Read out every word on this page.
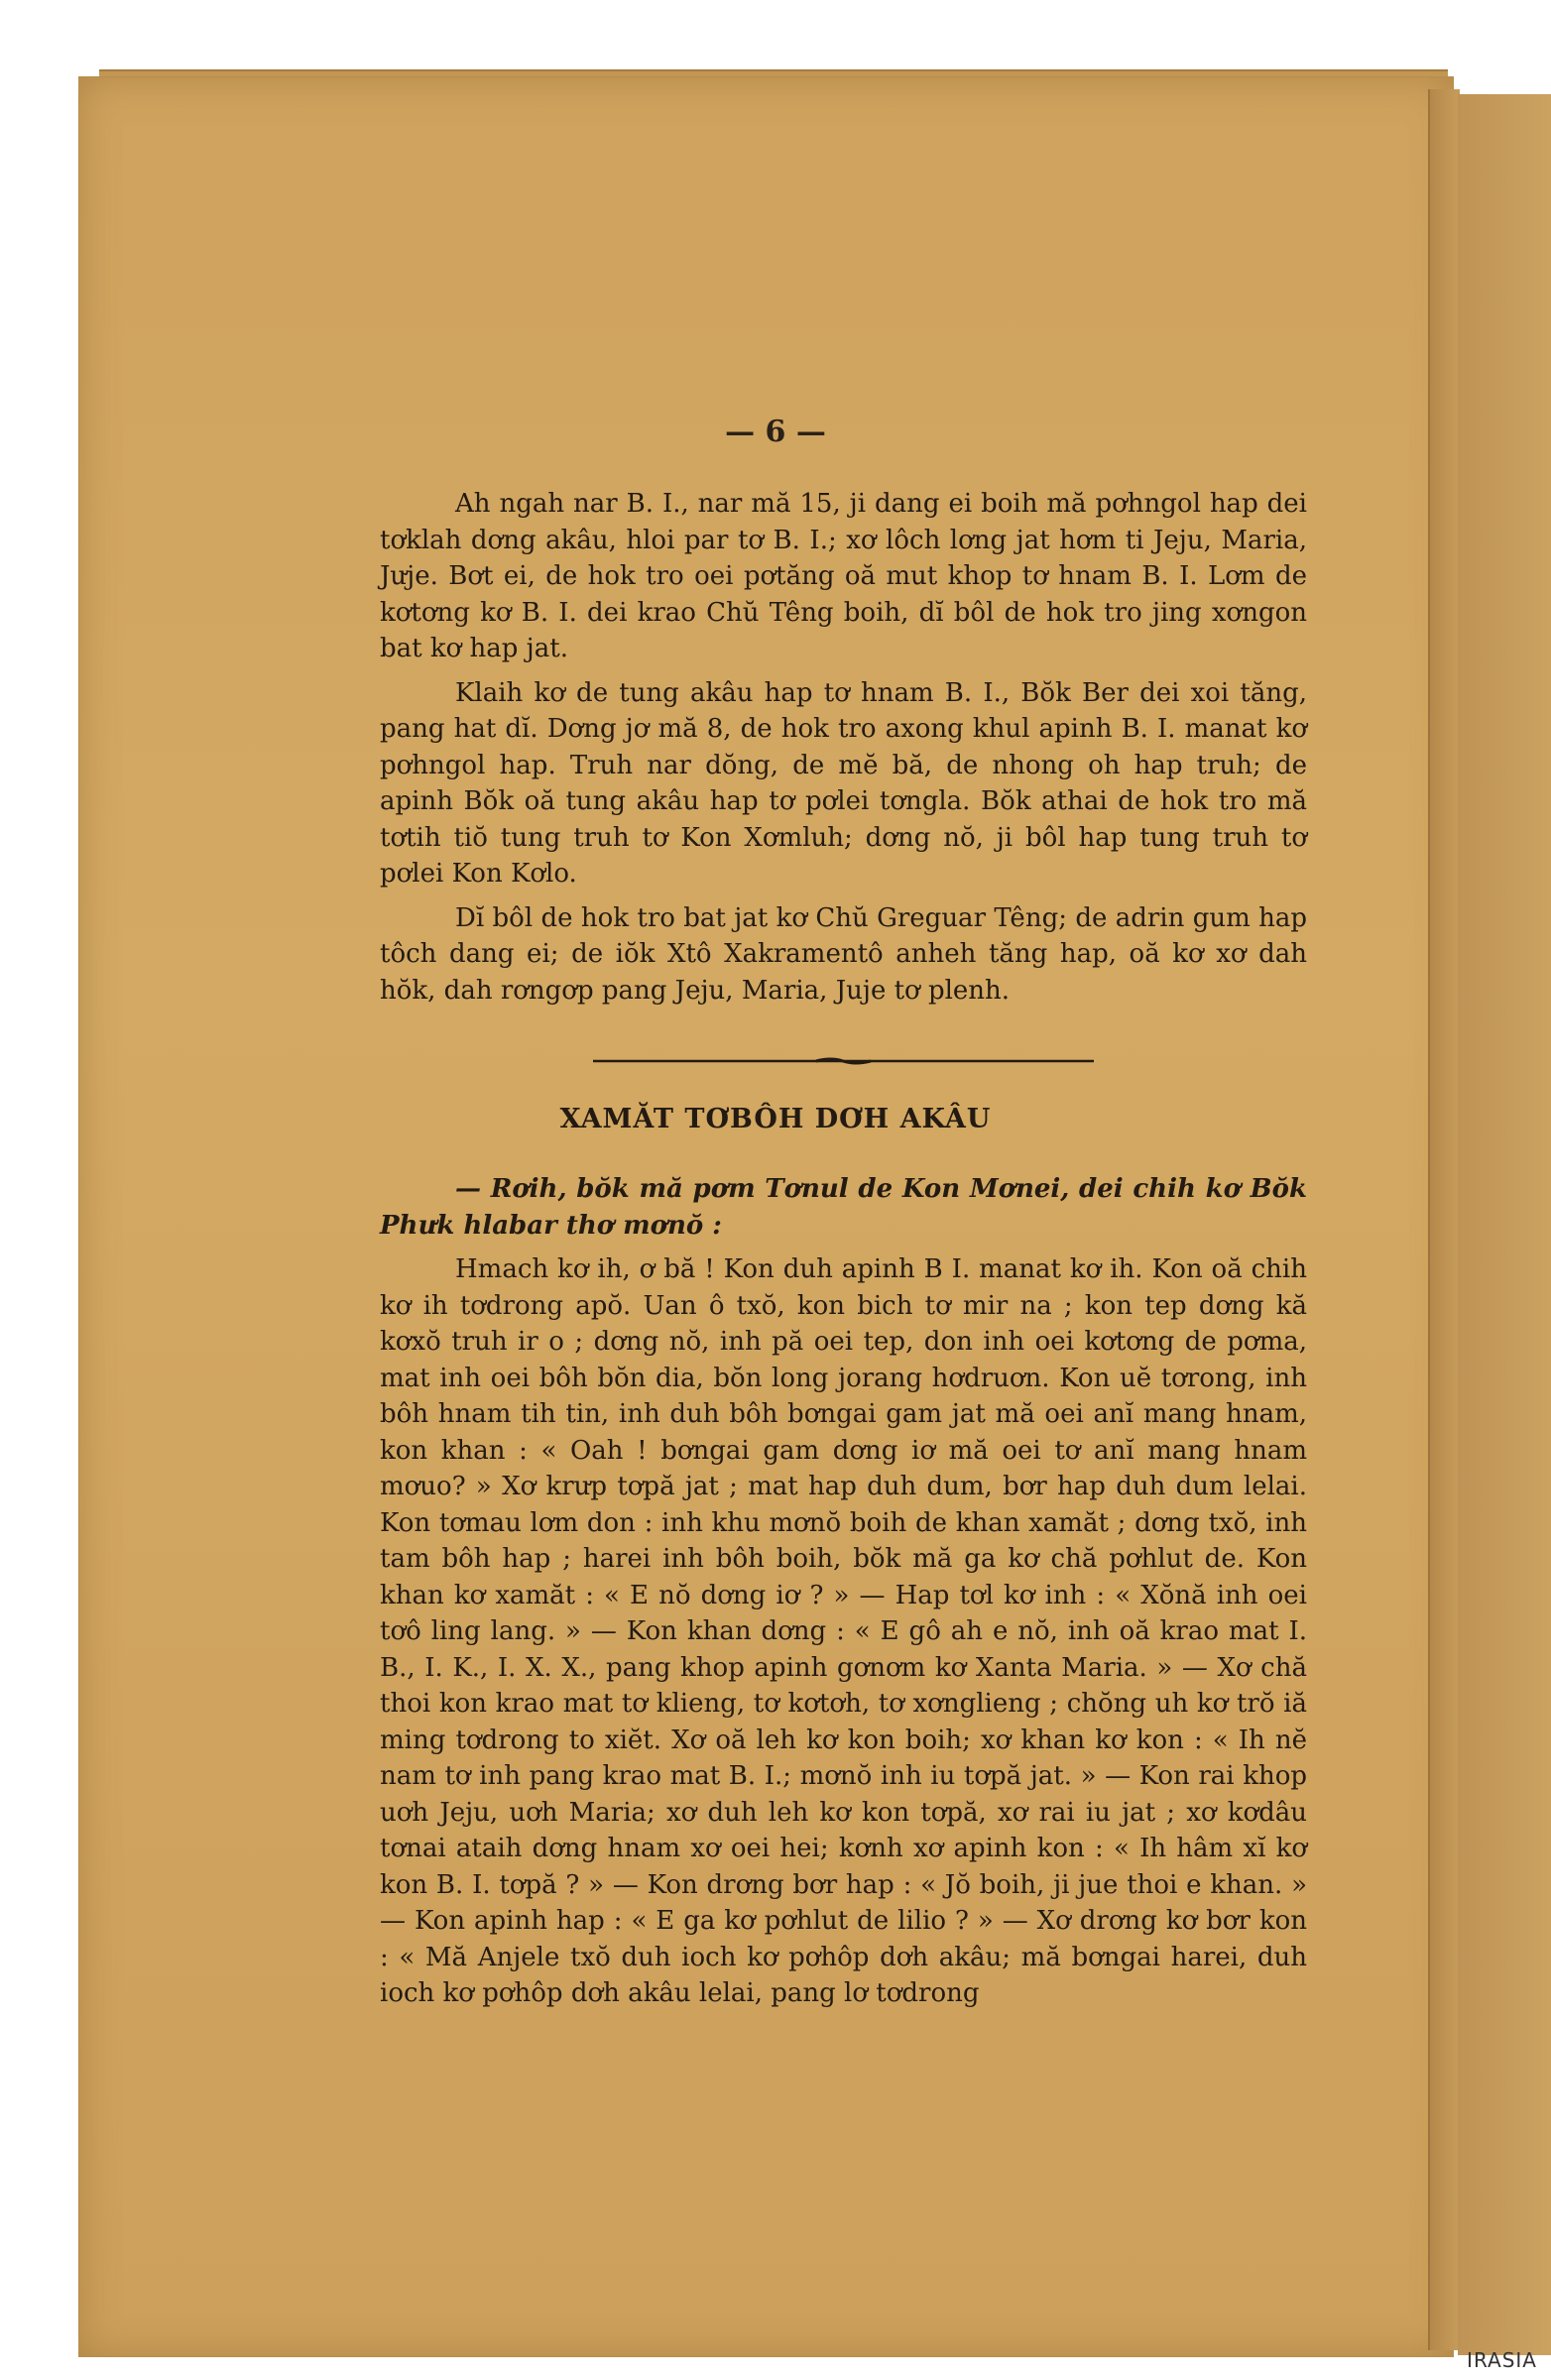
— 6 —

Ah ngah nar B. I., nar mă 15, ji dang ei boih mă pơhngol hap dei tơklah dơng akâu, hloi par tơ B. I.; xơ lôch lơng jat hơm ti Jeju, Maria, Jưje. Bơt ei, de hok tro oei pơtăng oă mut khop tơ hnam B. I. Lơm de kơtơng kơ B. I. dei krao Chŭ Têng boih, dĭ bôl de hok tro jing xơngon bat kơ hap jat.

Klaih kơ de tung akâu hap tơ hnam B. I., Bŏk Ber dei xoi tăng, pang hat dĭ. Dơng jơ mă 8, de hok tro axong khul apinh B. I. manat kơ pơhngol hap. Truh nar dŏng, de mĕ bă, de nhong oh hap truh; de apinh Bŏk oă tung akâu hap tơ pơlei tơngla. Bŏk athai de hok tro mă tơtih tiŏ tung truh tơ Kon Xơmluh; dơng nŏ, ji bôl hap tung truh tơ pơlei Kon Kơlo.

Dĭ bôl de hok tro bat jat kơ Chŭ Greguar Têng; de adrin gum hap tôch dang ei; de iŏk Xtô Xakramentô anheh tăng hap, oă kơ xơ dah hŏk, dah rơngơp pang Jeju, Maria, Juje tơ plenh.

XAMĂT TƠBÔH DƠH AKÂU

— Rơih, bŏk mă pơm Tơnul de Kon Mơnei, dei chih kơ Bŏk Phưk hlabar thơ mơnŏ :

Hmach kơ ih, ơ bă ! Kon duh apinh B I. manat kơ ih. Kon oă chih kơ ih tơdrong apŏ. Uan ô txŏ, kon bich tơ mir na ; kon tep dơng kă kơxŏ truh ir o ; dơng nŏ, inh pă oei tep, don inh oei kơtơng de pơma, mat inh oei bôh bŏn dia, bŏn long jorang hơdruơn. Kon uĕ tơrong, inh bôh hnam tih tin, inh duh bôh bơngai gam jat mă oei anĭ mang hnam, kon khan : « Oah ! bơngai gam dơng iơ mă oei tơ anĭ mang hnam mơuo? » Xơ krưp tơpă jat ; mat hap duh dum, bơr hap duh dum lelai. Kon tơmau lơm don : inh khu mơnŏ boih de khan xamăt ; dơng txŏ, inh tam bôh hap ; harei inh bôh boih, bŏk mă ga kơ chă pơhlut de. Kon khan kơ xamăt : « E nŏ dơng iơ ? » — Hap tơl kơ inh : « Xŏnă inh oei tơô ling lang. » — Kon khan dơng : « E gô ah e nŏ, inh oă krao mat I. B., I. K., I. X. X., pang khop apinh gơnơm kơ Xanta Maria. » — Xơ chă thoi kon krao mat tơ klieng, tơ kơtơh, tơ xơnglieng ; chŏng uh kơ trŏ iă ming tơdrong to xiĕt. Xơ oă leh kơ kon boih; xơ khan kơ kon : « Ih nĕ nam tơ inh pang krao mat B. I.; mơnŏ inh iu tơpă jat. » — Kon rai khop uơh Jeju, uơh Maria; xơ duh leh kơ kon tơpă, xơ rai iu jat ; xơ kơdâu tơnai ataih dơng hnam xơ oei hei; kơnh xơ apinh kon : « Ih hâm xĭ kơ kon B. I. tơpă ? » — Kon drơng bơr hap : « Jŏ boih, ji jue thoi e khan. » — Kon apinh hap : « E ga kơ pơhlut de lilio ? » — Xơ drơng kơ bơr kon : « Mă Anjele txŏ duh ioch kơ pơhôp dơh akâu; mă bơngai harei, duh ioch kơ pơhôp dơh akâu lelai, pang lơ tơdrong

IRASIA
